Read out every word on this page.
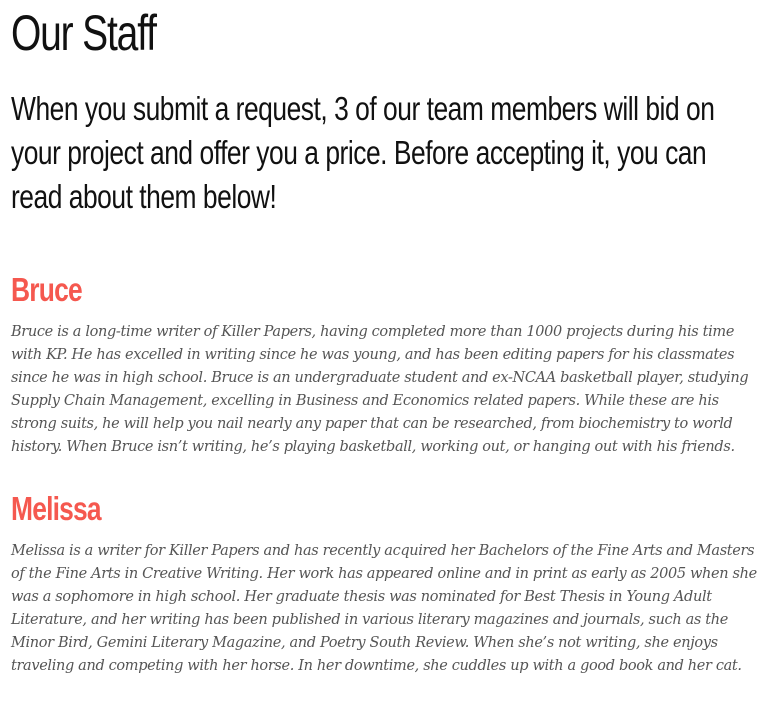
Our Staff

When you submit a request, 3 of our team members will bid on your project and offer you a price. Before accepting it, you can read about them below!

Bruce

Bruce is a long-time writer of Killer Papers, having completed more than 1000 projects during his time with KP. He has excelled in writing since he was young, and has been editing papers for his classmates since he was in high school. Bruce is an undergraduate student and ex-NCAA basketball player, studying Supply Chain Management, excelling in Business and Economics related papers. While these are his strong suits, he will help you nail nearly any paper that can be researched, from biochemistry to world history. When Bruce isn’t writing, he’s playing basketball, working out, or hanging out with his friends.

Melissa

Melissa is a writer for Killer Papers and has recently acquired her Bachelors of the Fine Arts and Masters of the Fine Arts in Creative Writing. Her work has appeared online and in print as early as 2005 when she was a sophomore in high school. Her graduate thesis was nominated for Best Thesis in Young Adult Literature, and her writing has been published in various literary magazines and journals, such as the Minor Bird, Gemini Literary Magazine, and Poetry South Review. When she’s not writing, she enjoys traveling and competing with her horse. In her downtime, she cuddles up with a good book and her cat.
